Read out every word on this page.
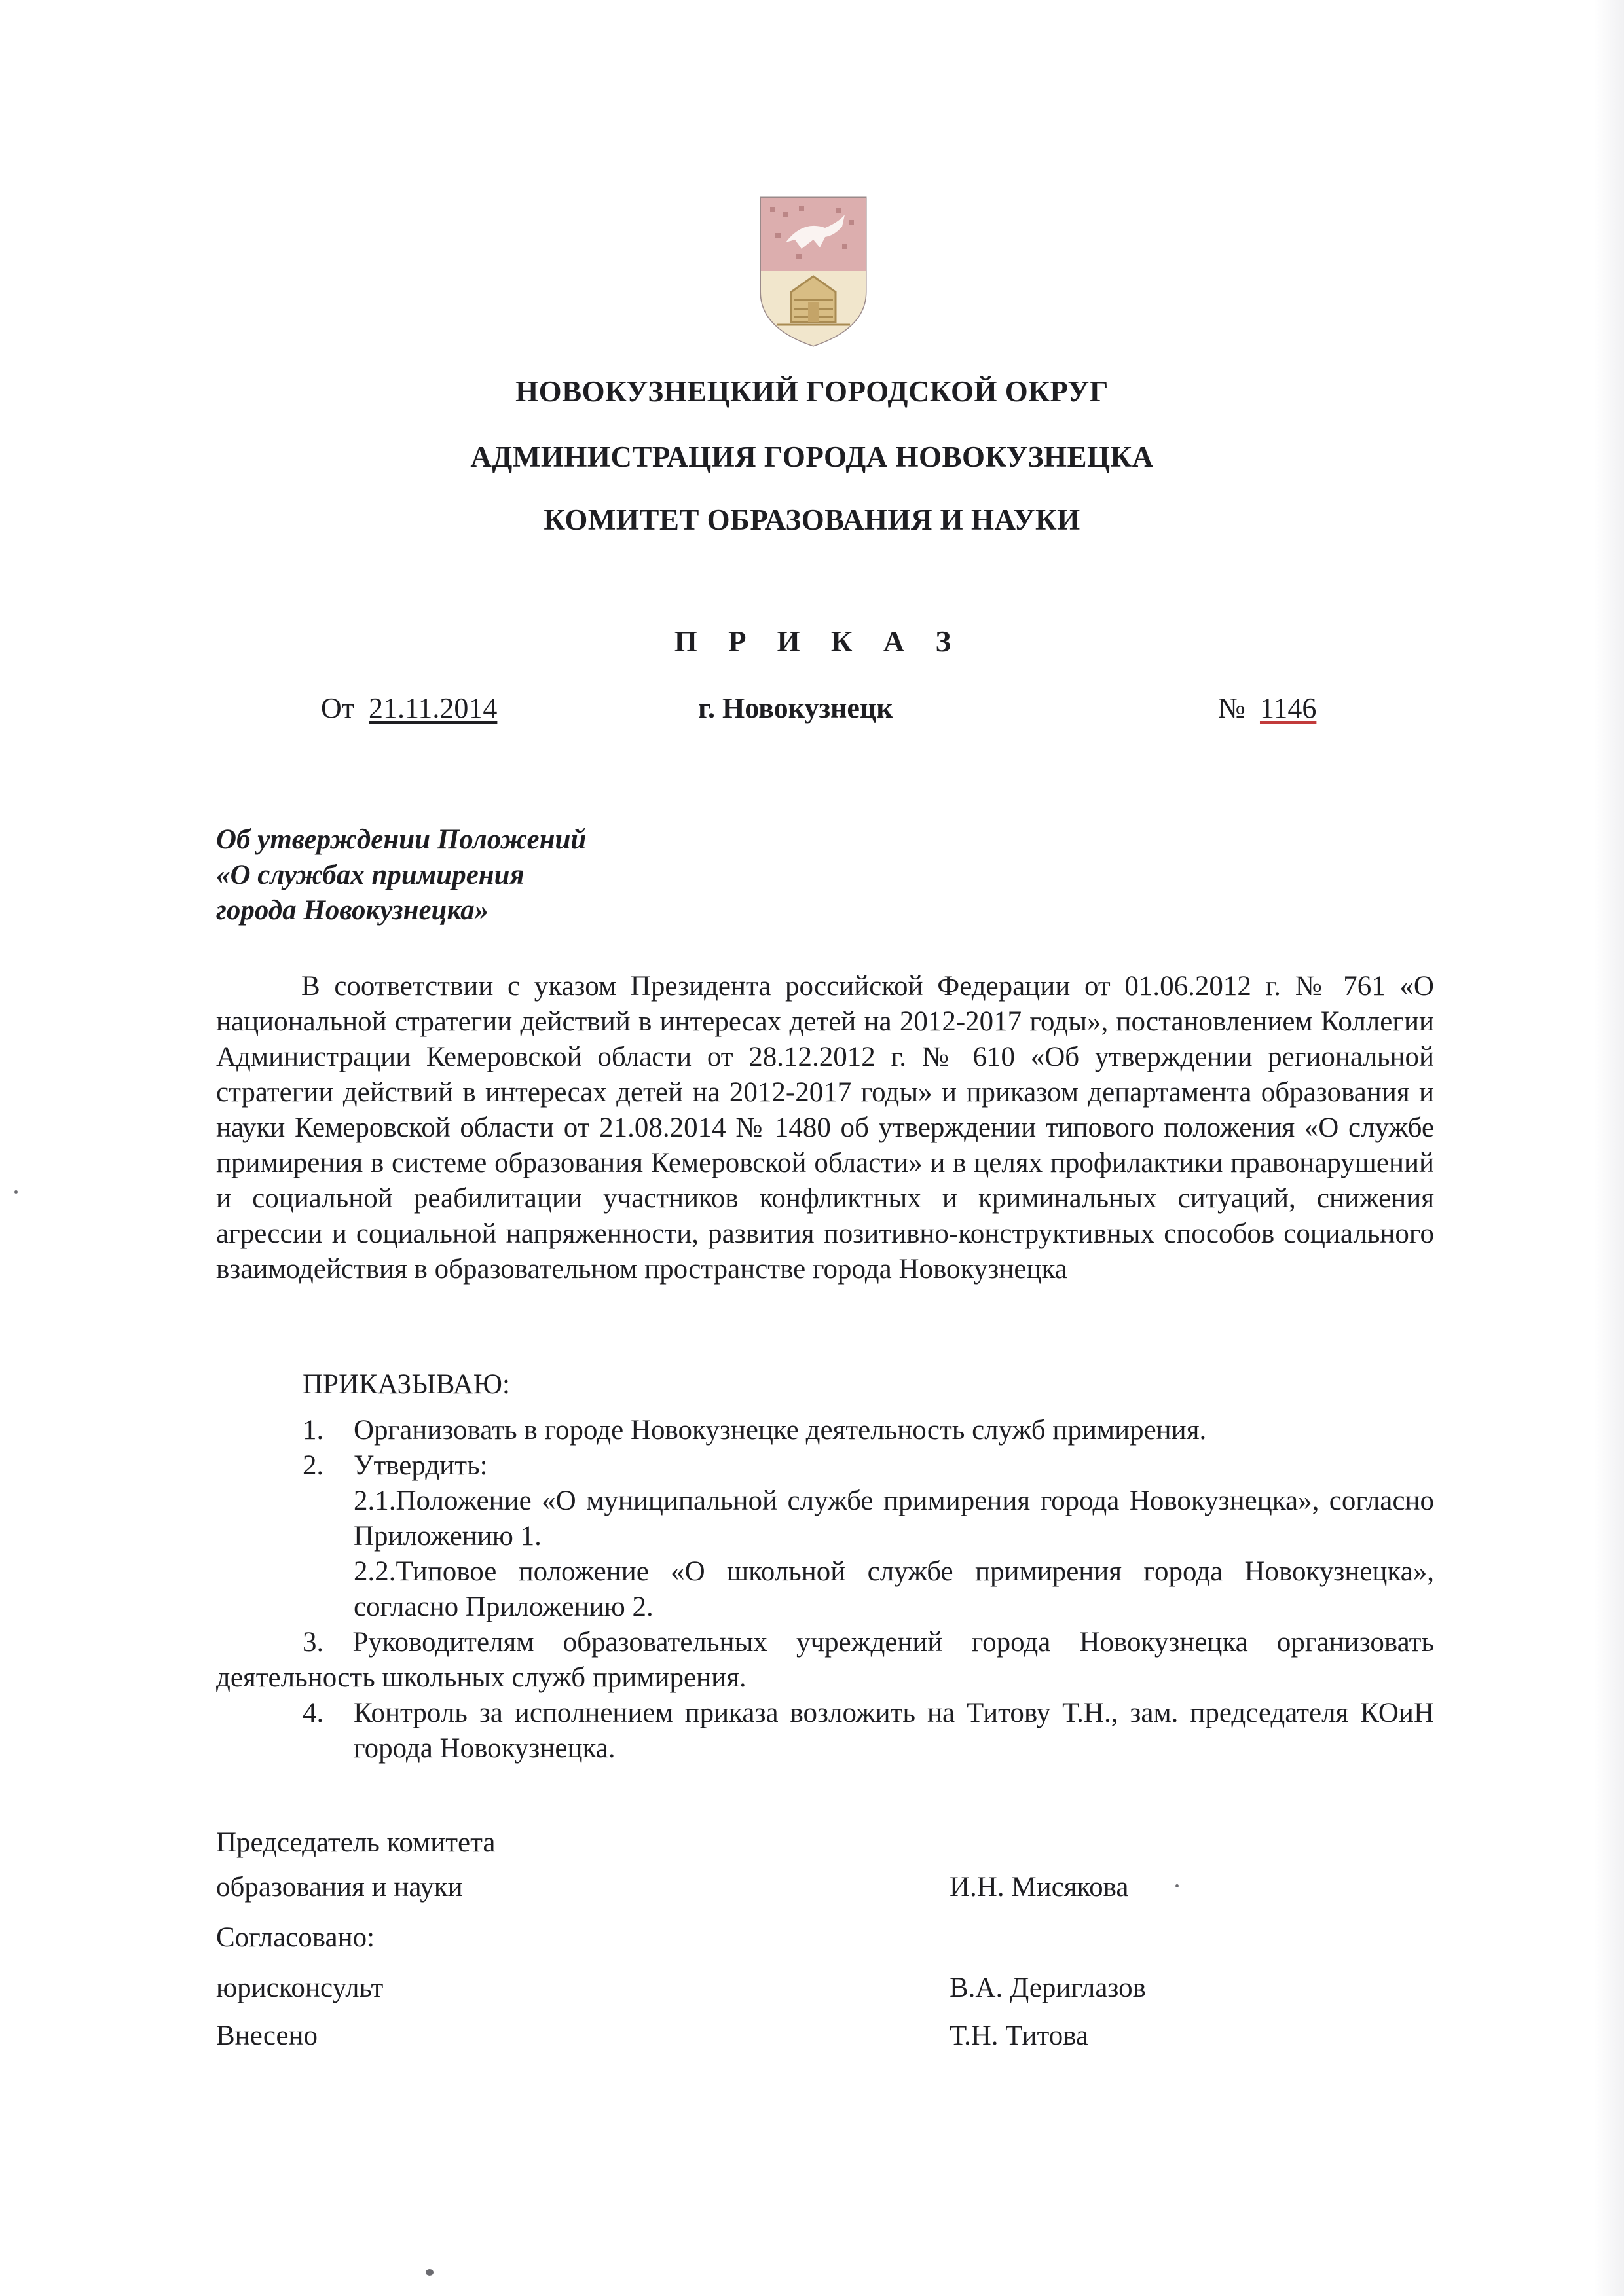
НОВОКУЗНЕЦКИЙ ГОРОДСКОЙ ОКРУГ
АДМИНИСТРАЦИЯ ГОРОДА НОВОКУЗНЕЦКА
КОМИТЕТ ОБРАЗОВАНИЯ И НАУКИ
П Р И К А З
От 21.11.2014	г. Новокузнецк	№ 1146
Об утверждении Положений
«О службах примирения
города Новокузнецка»
В соответствии с указом Президента российской Федерации от 01.06.2012 г. № 761 «О национальной стратегии действий в интересах детей на 2012-2017 годы», постановлением Коллегии Администрации Кемеровской области от 28.12.2012 г. № 610 «Об утверждении региональной стратегии действий в интересах детей на 2012-2017 годы» и приказом департамента образования и науки Кемеровской области от 21.08.2014 № 1480 об утверждении типового положения «О службе примирения в системе образования Кемеровской области» и в целях профилактики правонарушений и социальной реабилитации участников конфликтных и криминальных ситуаций, снижения агрессии и социальной напряженности, развития позитивно-конструктивных способов социального взаимодействия в образовательном пространстве города Новокузнецка
ПРИКАЗЫВАЮ:
1. Организовать в городе Новокузнецке деятельность служб примирения.
2. Утвердить:
2.1.Положение «О муниципальной службе примирения города Новокузнецка», согласно Приложению 1.
2.2.Типовое положение «О школьной службе примирения города Новокузнецка», согласно Приложению 2.
3. Руководителям образовательных учреждений города Новокузнецка организовать деятельность школьных служб примирения.
4. Контроль за исполнением приказа возложить на Титову Т.Н., зам. председателя КОиН города Новокузнецка.
Председатель комитета
образования и науки	И.Н. Мисякова
Согласовано:
юрисконсульт	В.А. Дериглазов
Внесено	Т.Н. Титова
